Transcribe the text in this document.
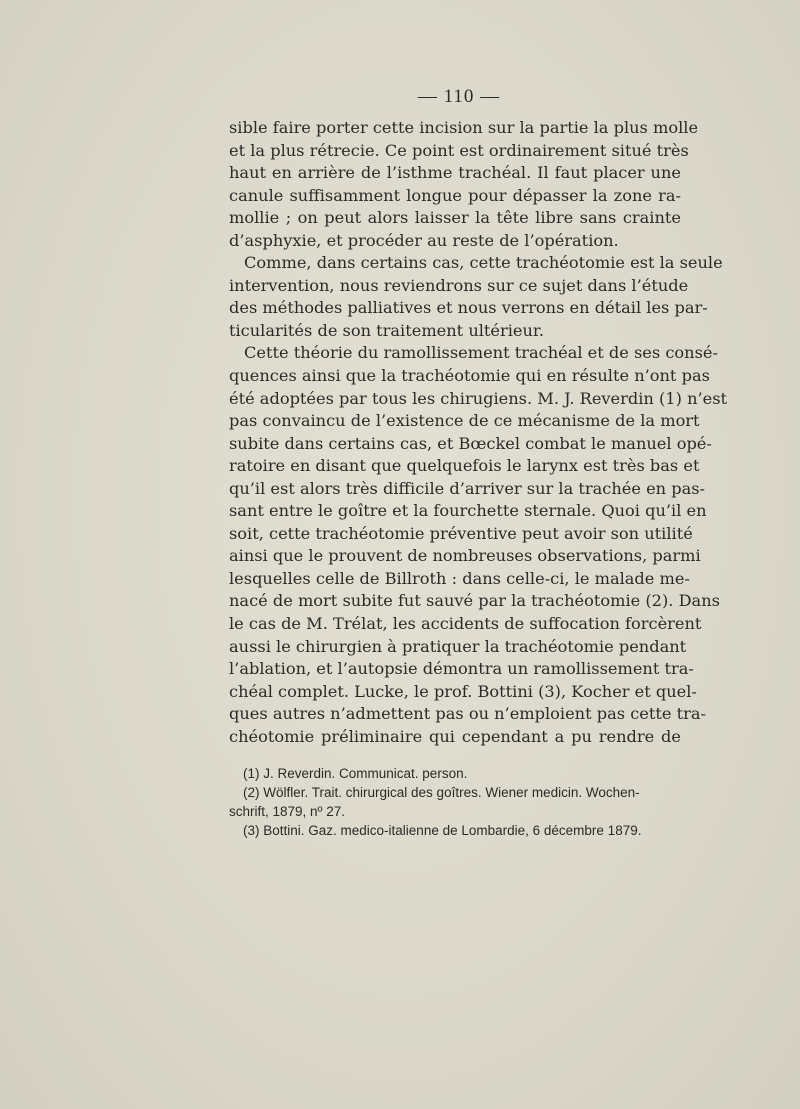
— 110 —
sible faire porter cette incision sur la partie la plus molle
et la plus rétrecie. Ce point est ordinairement situé très
haut en arrière de l’isthme trachéal. Il faut placer une
canule suffisamment longue pour dépasser la zone ra-
mollie ; on peut alors laisser la tête libre sans crainte
d’asphyxie, et procéder au reste de l’opération.
Comme, dans certains cas, cette trachéotomie est la seule
intervention, nous reviendrons sur ce sujet dans l’étude
des méthodes palliatives et nous verrons en détail les par-
ticularités de son traitement ultérieur.
Cette théorie du ramollissement trachéal et de ses consé-
quences ainsi que la trachéotomie qui en résulte n’ont pas
été adoptées par tous les chirugiens. M. J. Reverdin (1) n’est
pas convaincu de l’existence de ce mécanisme de la mort
subite dans certains cas, et Bœckel combat le manuel opé-
ratoire en disant que quelquefois le larynx est très bas et
qu’il est alors très difficile d’arriver sur la trachée en pas-
sant entre le goître et la fourchette sternale. Quoi qu’il en
soit, cette trachéotomie préventive peut avoir son utilité
ainsi que le prouvent de nombreuses observations, parmi
lesquelles celle de Billroth : dans celle-ci, le malade me-
nacé de mort subite fut sauvé par la trachéotomie (2). Dans
le cas de M. Trélat, les accidents de suffocation forcèrent
aussi le chirurgien à pratiquer la trachéotomie pendant
l’ablation, et l’autopsie démontra un ramollissement tra-
chéal complet. Lucke, le prof. Bottini (3), Kocher et quel-
ques autres n’admettent pas ou n’emploient pas cette tra-
chéotomie préliminaire qui cependant a pu rendre de
(1) J. Reverdin. Communicat. person.
(2) Wölfler. Trait. chirurgical des goîtres. Wiener medicin. Wochen-
schrift, 1879, nº 27.
(3) Bottini. Gaz. medico-italienne de Lombardie, 6 décembre 1879.
